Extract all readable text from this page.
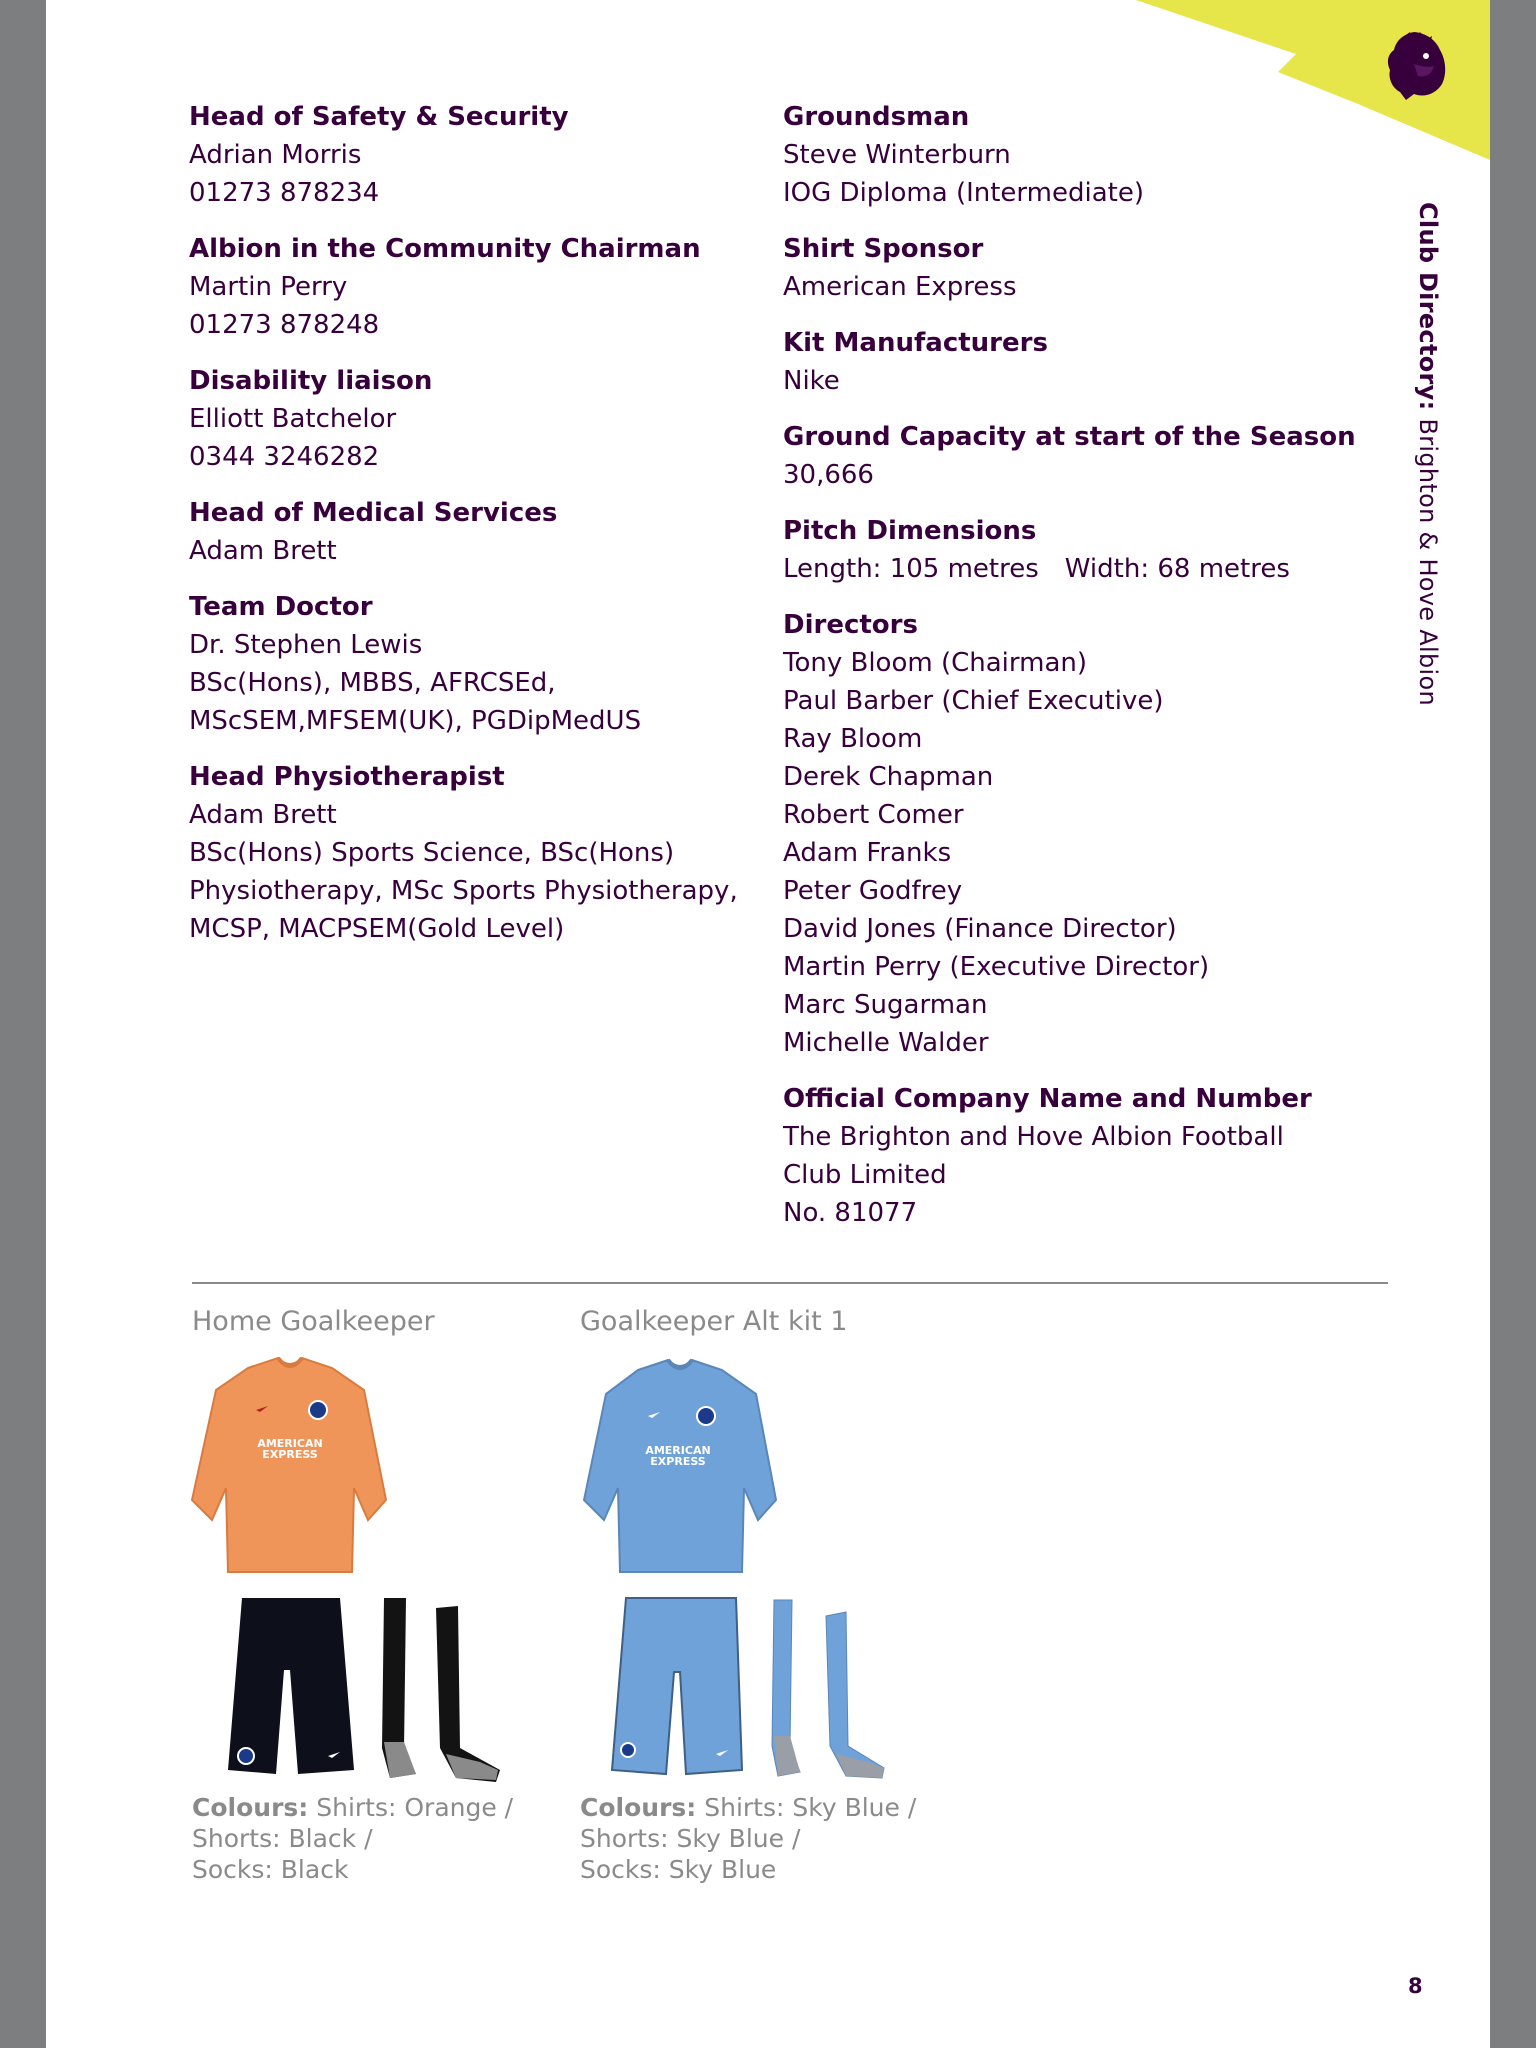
Club Directory: Brighton & Hove Albion
Head of Safety & Security
Adrian Morris
01273 878234
Albion in the Community Chairman
Martin Perry
01273 878248
Disability liaison
Elliott Batchelor
0344 3246282
Head of Medical Services
Adam Brett
Team Doctor
Dr. Stephen Lewis
BSc(Hons), MBBS, AFRCSEd,
MScSEM,MFSEM(UK), PGDipMedUS
Head Physiotherapist
Adam Brett
BSc(Hons) Sports Science, BSc(Hons)
Physiotherapy, MSc Sports Physiotherapy,
MCSP, MACPSEM(Gold Level)
Groundsman
Steve Winterburn
IOG Diploma (Intermediate)
Shirt Sponsor
American Express
Kit Manufacturers
Nike
Ground Capacity at start of the Season
30,666
Pitch Dimensions
Length: 105 metres Width: 68 metres
Directors
Tony Bloom (Chairman)
Paul Barber (Chief Executive)
Ray Bloom
Derek Chapman
Robert Comer
Adam Franks
Peter Godfrey
David Jones (Finance Director)
Martin Perry (Executive Director)
Marc Sugarman
Michelle Walder
Official Company Name and Number
The Brighton and Hove Albion Football
Club Limited
No. 81077
Home Goalkeeper
AMERICAN
EXPRESS
Colours: Shirts: Orange /
Shorts: Black /
Socks: Black
Goalkeeper Alt kit 1
AMERICAN
EXPRESS
Colours: Shirts: Sky Blue /
Shorts: Sky Blue /
Socks: Sky Blue
8
